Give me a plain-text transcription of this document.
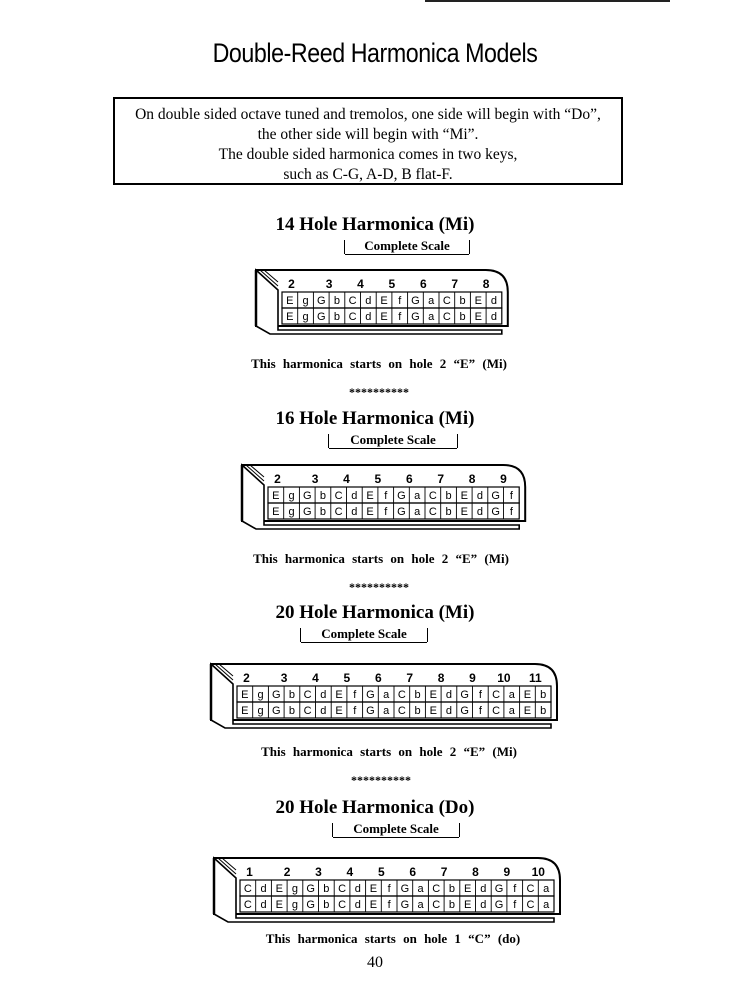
Double-Reed Harmonica Models
On double sided octave tuned and tremolos, one side will begin with “Do”,
the other side will begin with “Mi”.
The double sided harmonica comes in two keys,
such as C-G, A-D, B flat-F.
14 Hole Harmonica (Mi)
Complete Scale
2	3 4 5 6 7 8
E g G b C d E f G a C b E d
E g G b C d E f G a C b E d
This harmonica starts on hole 2 “E” (Mi)
**********
16 Hole Harmonica (Mi)
Complete Scale
2	3 4 5 6 7 8 9
E g G b C d E f G a C b E d G f
E g G b C d E f G a C b E d G f
This harmonica starts on hole 2 “E” (Mi)
**********
20 Hole Harmonica (Mi)
Complete Scale
2	3 4 5 6 7 8 9 10 11
E g G b C d E f G a C b E d G f C a E b
E g G b C d E f G a C b E d G f C a E b
This harmonica starts on hole 2 “E” (Mi)
**********
20 Hole Harmonica (Do)
Complete Scale
1	2 3 4 5 6 7 8 9 10
C d E g G b C d E f G a C b E d G f C a
C d E g G b C d E f G a C b E d G f C a
This harmonica starts on hole 1 “C” (do)
40
